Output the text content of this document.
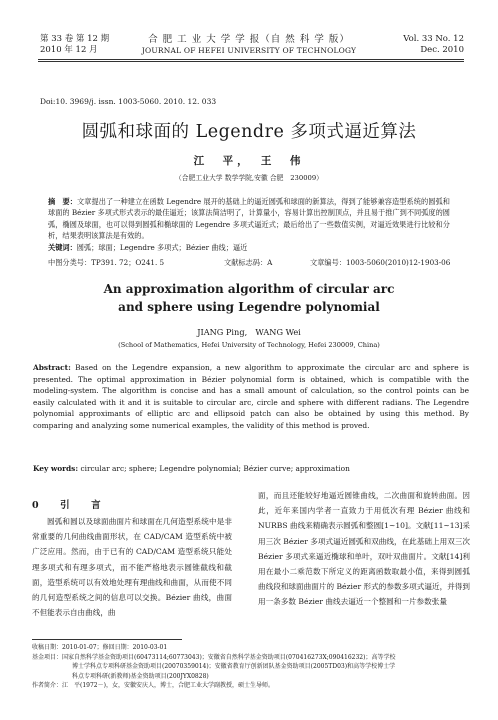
第 33 卷 第 12 期
2010 年 12 月
合 肥 工 业 大 学 学 报（自 然 科 学 版）
JOURNAL OF HEFEI UNIVERSITY OF TECHNOLOGY
Vol. 33 No. 12
Dec. 2010
Doi:10. 3969/j. issn. 1003-5060. 2010. 12. 033
圆弧和球面的 Legendre 多项式逼近算法
江　平，　王　伟
（合肥工业大学 数学学院,安徽 合肥　230009）
摘　要：文章提出了一种建立在函数 Legendre 展开的基础上的逼近圆弧和球面的新算法，得到了能够兼容造型系统的圆弧和球面的 Bézier 多项式形式表示的最佳逼近；该算法简洁明了，计算量小，容易计算出控制顶点，并且易于推广到不同弧度的圆弧，椭圆及球面，也可以得到圆弧和椭球面的 Legendre 多项式逼近式；最后给出了一些数值实例，对逼近效果进行比较和分析，结果表明该算法是有效的。
关键词：圆弧；球面；Legendre 多项式；Bézier 曲线；逼近
中图分类号：TP391. 72；O241. 5	文献标志码：A	文章编号：1003-5060(2010)12-1903-06
An approximation algorithm of circular arc
and sphere using Legendre polynomial
JIANG Ping,　WANG Wei
(School of Mathematics, Hefei University of Technology, Hefei 230009, China)
Abstract: Based on the Legendre expansion, a new algorithm to approximate the circular arc and sphere is presented. The optimal approximation in Bézier polynomial form is obtained, which is compatible with the modeling-system. The algorithm is concise and has a small amount of calculation, so the control points can be easily calculated with it and it is suitable to circular arc, circle and sphere with different radians. The Legendre polynomial approximants of elliptic arc and ellipsoid patch can also be obtained by using this method. By comparing and analyzing some numerical examples, the validity of this method is proved.
Key words: circular arc; sphere; Legendre polynomial; Bézier curve; approximation
0　引　言
圆弧和圆以及球面曲面片和球面在几何造型系统中是非常重要的几何曲线曲面形状，在 CAD/CAM 造型系统中被广泛应用。然而，由于已有的 CAD/CAM 造型系统只能处理多项式和有理多项式，而不能严格地表示圆锥截线和截面，造型系统可以有效地处理有理曲线和曲面，从而使不同的几何造型系统之间的信息可以交换。Bézier 曲线，曲面不但能表示自由曲线，曲
面，而且还能较好地逼近圆锥曲线，二次曲面和旋转曲面。因此，近年来国内学者一直致力于用低次有理 Bézier 曲线和 NURBS 曲线来精确表示圆弧和整圆[1~10]。文献[11~13]采用三次 Bézier 多项式逼近圆弧和双曲线，在此基础上用双三次 Bézier 多项式来逼近椭球和单叶，双叶双曲面片。文献[14]利用在最小二乘范数下所定义的距离函数取最小值，来得到圆弧曲线段和球面曲面片的 Bézier 形式的参数多项式逼近，并得到用一条多数 Bézier 曲线去逼近一个整圆和一片参数张量

收稿日期：2010-01-07；修回日期：2010-03-01

基金项目：国家自然科学基金资助项目(60473114;60773043)；安徽省自然科学基金资助项目(070416273X;090416232)；高等学校

博士学科点专项科研基金资助项目(20070359014)；安徽省教育厅创新团队基金资助项目(2005TD03)和高等学校博士学

科点专项科研(新教师)基金资助项目(200JYX0828)

作者简介：江　平(1972－)，女，安徽安庆人，博士，合肥工业大学副教授，硕士生导师。
